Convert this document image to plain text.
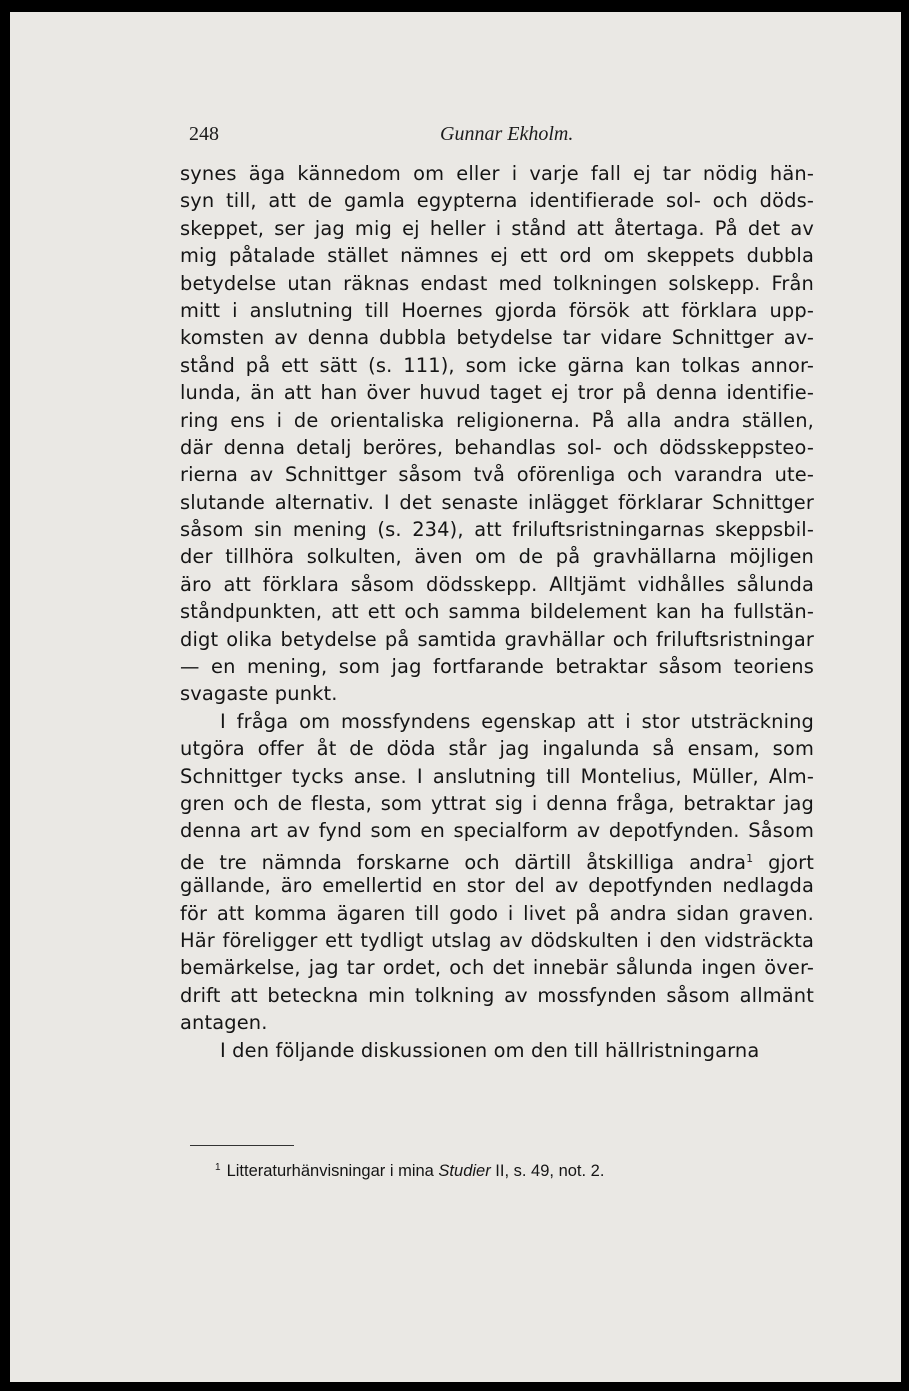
248	Gunnar Ekholm.
synes äga kännedom om eller i varje fall ej tar nödig hän-
syn till, att de gamla egypterna identifierade sol- och döds-
skeppet, ser jag mig ej heller i stånd att återtaga. På det av
mig påtalade stället nämnes ej ett ord om skeppets dubbla
betydelse utan räknas endast med tolkningen solskepp. Från
mitt i anslutning till Hoernes gjorda försök att förklara upp-
komsten av denna dubbla betydelse tar vidare Schnittger av-
stånd på ett sätt (s. 111), som icke gärna kan tolkas annor-
lunda, än att han över huvud taget ej tror på denna identifie-
ring ens i de orientaliska religionerna. På alla andra ställen,
där denna detalj beröres, behandlas sol- och dödsskeppsteo-
rierna av Schnittger såsom två oförenliga och varandra ute-
slutande alternativ. I det senaste inlägget förklarar Schnittger
såsom sin mening (s. 234), att friluftsristningarnas skeppsbil-
der tillhöra solkulten, även om de på gravhällarna möjligen
äro att förklara såsom dödsskepp. Alltjämt vidhålles sålunda
ståndpunkten, att ett och samma bildelement kan ha fullstän-
digt olika betydelse på samtida gravhällar och friluftsristningar
— en mening, som jag fortfarande betraktar såsom teoriens
svagaste punkt.
I fråga om mossfyndens egenskap att i stor utsträckning
utgöra offer åt de döda står jag ingalunda så ensam, som
Schnittger tycks anse. I anslutning till Montelius, Müller, Alm-
gren och de flesta, som yttrat sig i denna fråga, betraktar jag
denna art av fynd som en specialform av depotfynden. Såsom
de tre nämnda forskarne och därtill åtskilliga andra$^1$ gjort
gällande, äro emellertid en stor del av depotfynden nedlagda
för att komma ägaren till godo i livet på andra sidan graven.
Här föreligger ett tydligt utslag av dödskulten i den vidsträckta
bemärkelse, jag tar ordet, och det innebär sålunda ingen över-
drift att beteckna min tolkning av mossfynden såsom allmänt
antagen.
I den följande diskussionen om den till hällristningarna
$^1$ Litteraturhänvisningar i mina Studier II, s. 49, not. 2.
